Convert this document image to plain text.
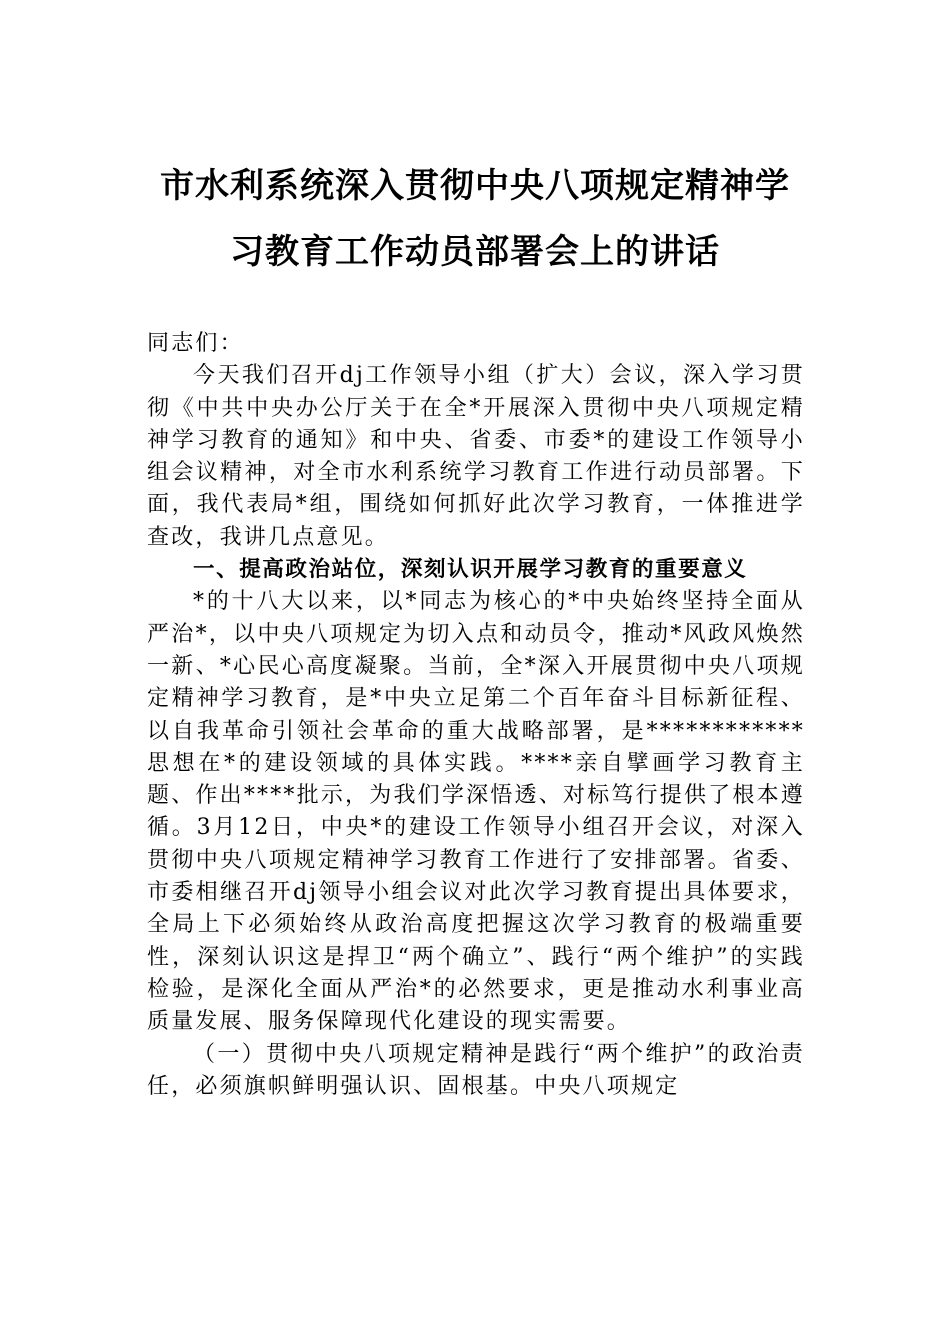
市水利系统深入贯彻中央八项规定精神学
习教育工作动员部署会上的讲话

同志们：

今天我们召开dj工作领导小组（扩大）会议，深入学习贯彻《中共中央办公厅关于在全*开展深入贯彻中央八项规定精神学习教育的通知》和中央、省委、市委*的建设工作领导小组会议精神，对全市水利系统学习教育工作进行动员部署。下面，我代表局*组，围绕如何抓好此次学习教育，一体推进学查改，我讲几点意见。

一、提高政治站位，深刻认识开展学习教育的重要意义

*的十八大以来，以*同志为核心的*中央始终坚持全面从严治*，以中央八项规定为切入点和动员令，推动*风政风焕然一新、*心民心高度凝聚。当前，全*深入开展贯彻中央八项规定精神学习教育，是*中央立足第二个百年奋斗目标新征程、以自我革命引领社会革命的重大战略部署，是************思想在*的建设领域的具体实践。****亲自擘画学习教育主题、作出****批示，为我们学深悟透、对标笃行提供了根本遵循。3月12日，中央*的建设工作领导小组召开会议，对深入贯彻中央八项规定精神学习教育工作进行了安排部署。省委、市委相继召开dj领导小组会议对此次学习教育提出具体要求，全局上下必须始终从政治高度把握这次学习教育的极端重要性，深刻认识这是捍卫“两个确立”、践行“两个维护”的实践检验，是深化全面从严治*的必然要求，更是推动水利事业高质量发展、服务保障现代化建设的现实需要。

（一）贯彻中央八项规定精神是践行“两个维护”的政治责任，必须旗帜鲜明强认识、固根基。中央八项规定
